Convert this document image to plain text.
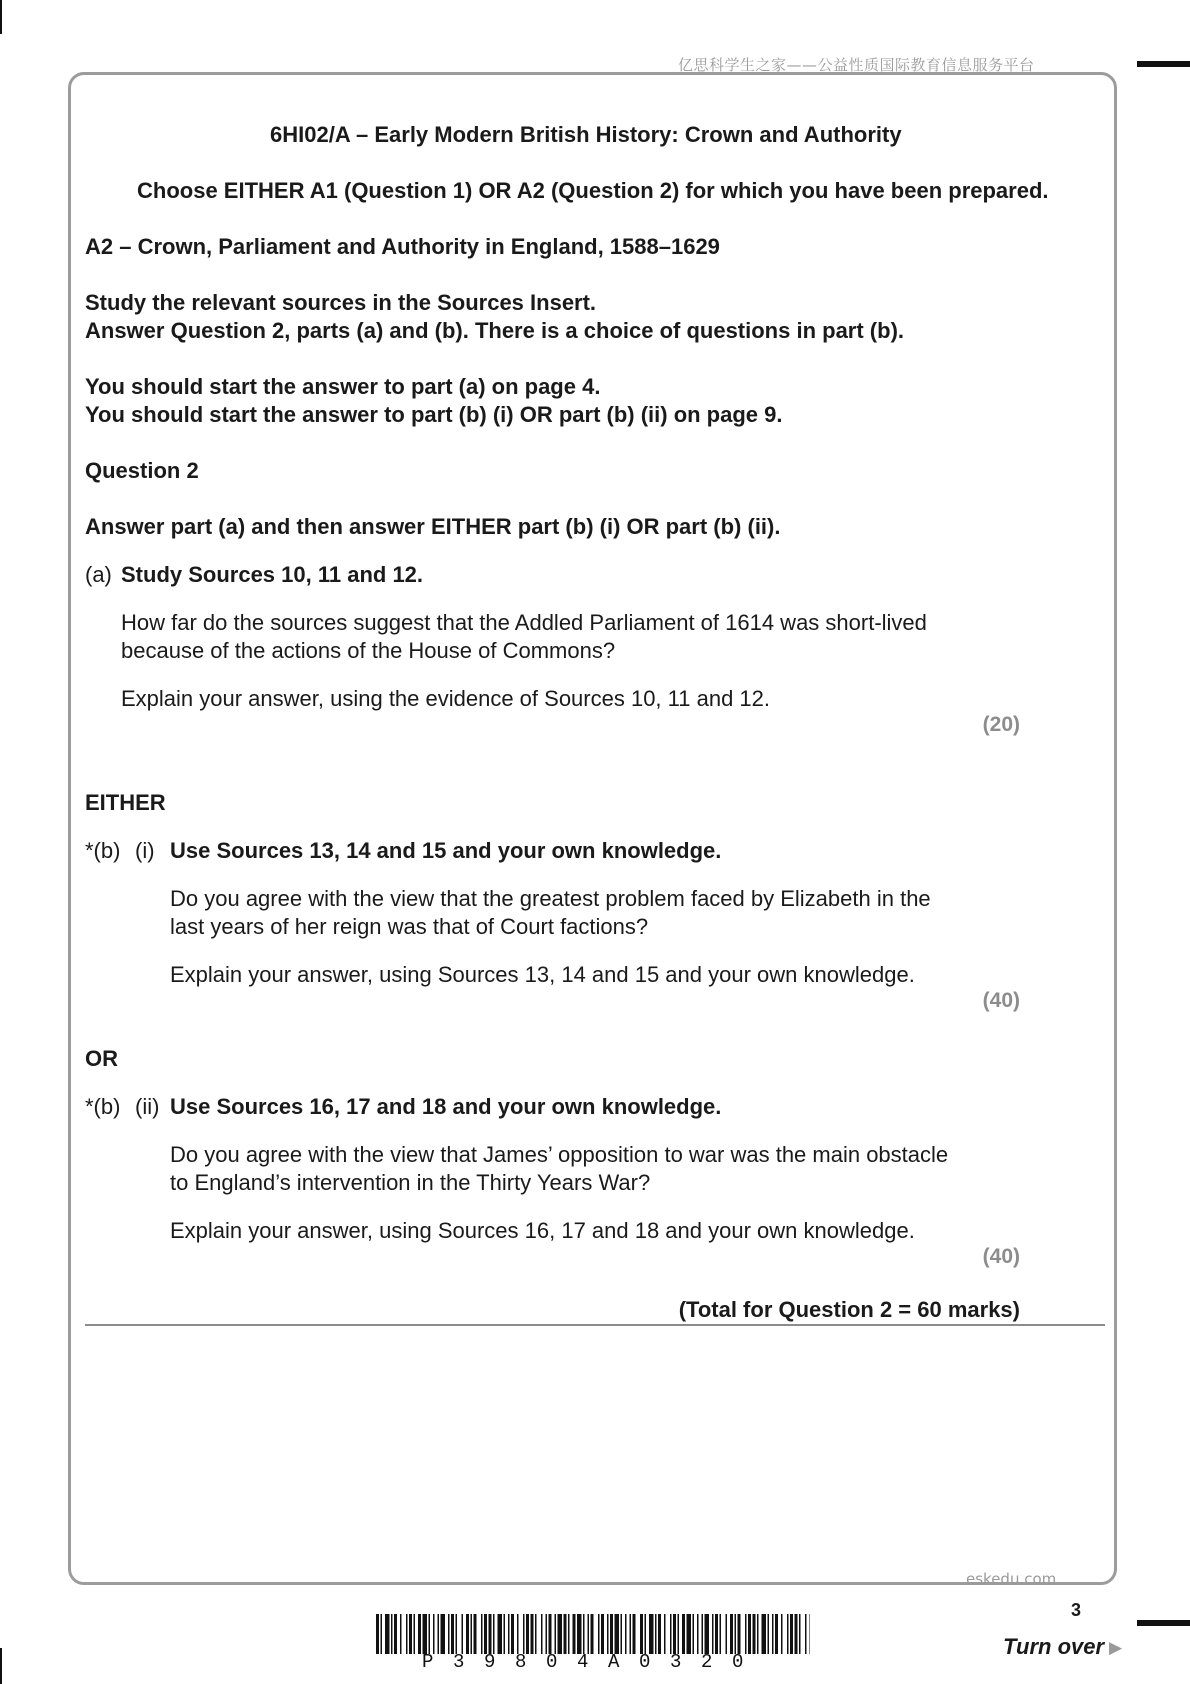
亿思科学生之家——公益性质国际教育信息服务平台
6HI02/A – Early Modern British History: Crown and Authority
Choose EITHER A1 (Question 1) OR A2 (Question 2) for which you have been prepared.
A2 – Crown, Parliament and Authority in England, 1588–1629
Study the relevant sources in the Sources Insert.
Answer Question 2, parts (a) and (b). There is a choice of questions in part (b).
You should start the answer to part (a) on page 4.
You should start the answer to part (b) (i) OR part (b) (ii) on page 9.
Question 2
Answer part (a) and then answer EITHER part (b) (i) OR part (b) (ii).
(a) Study Sources 10, 11 and 12.
How far do the sources suggest that the Addled Parliament of 1614 was short-lived
because of the actions of the House of Commons?
Explain your answer, using the evidence of Sources 10, 11 and 12.
(20)
EITHER
*(b) (i) Use Sources 13, 14 and 15 and your own knowledge.
Do you agree with the view that the greatest problem faced by Elizabeth in the
last years of her reign was that of Court factions?
Explain your answer, using Sources 13, 14 and 15 and your own knowledge.
(40)
OR
*(b) (ii) Use Sources 16, 17 and 18 and your own knowledge.
Do you agree with the view that James’ opposition to war was the main obstacle
to England’s intervention in the Thirty Years War?
Explain your answer, using Sources 16, 17 and 18 and your own knowledge.
(40)
(Total for Question 2 = 60 marks)
eskedu.com
P39804A0320
3
Turn over ▶
